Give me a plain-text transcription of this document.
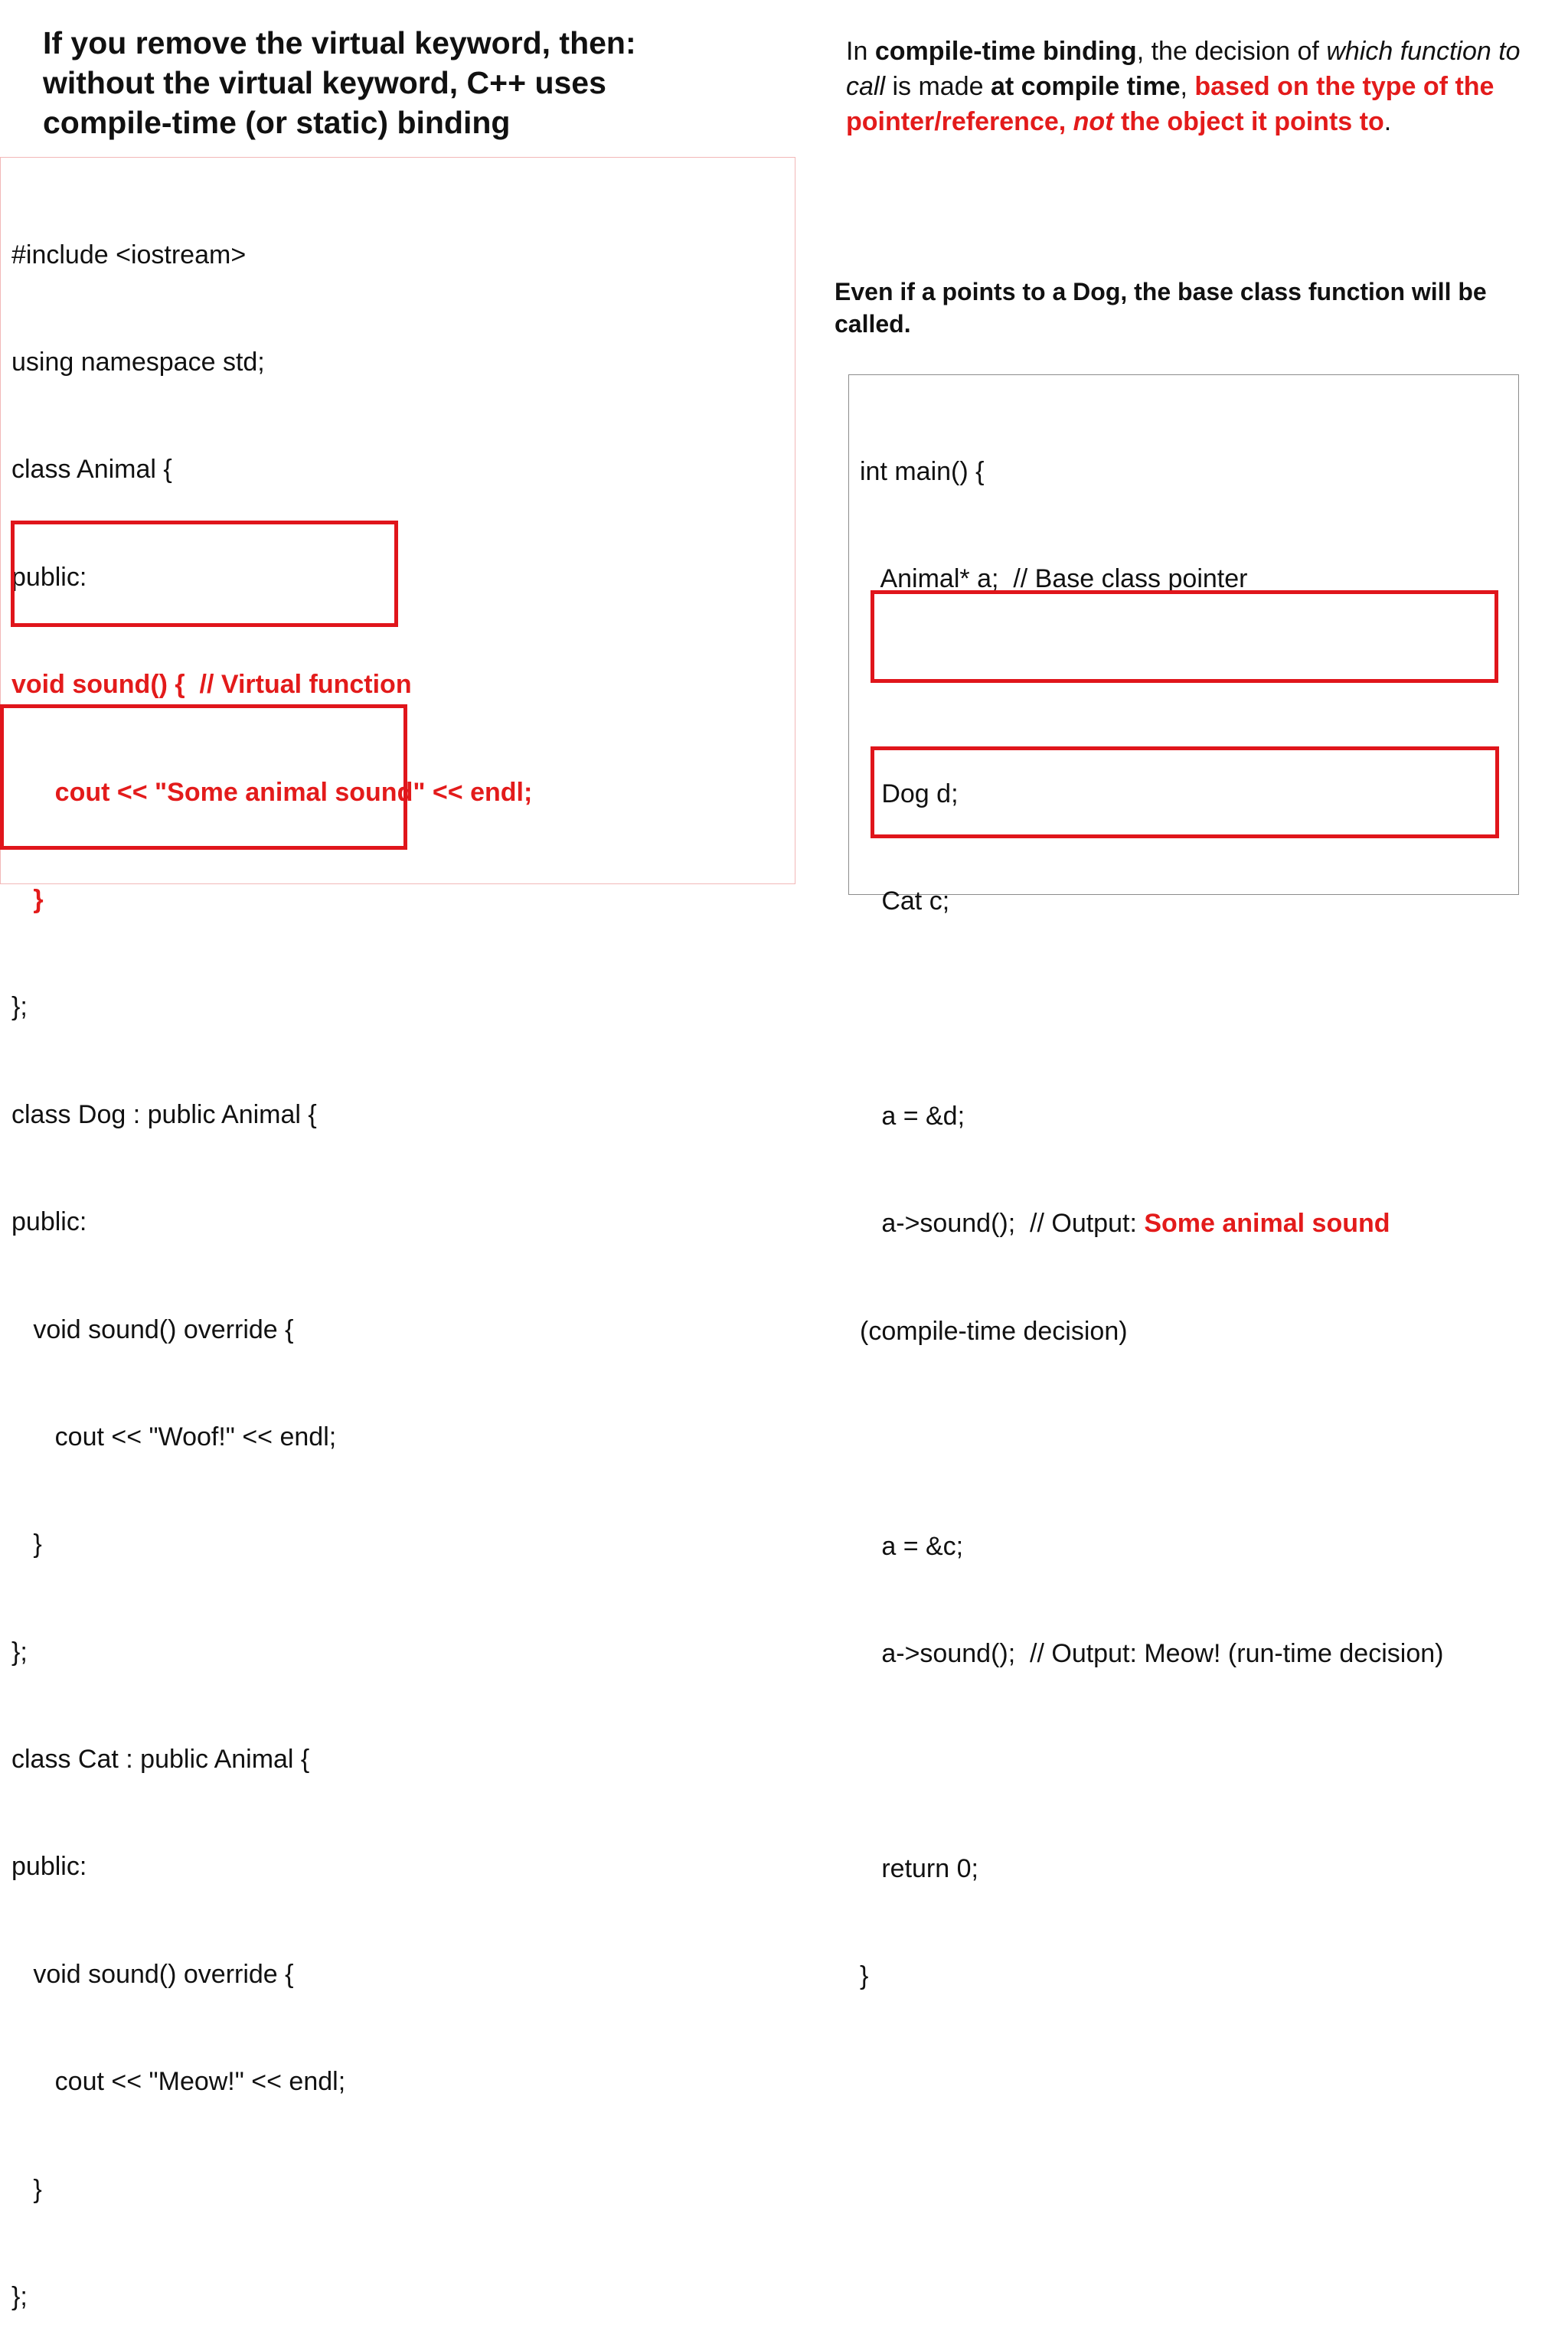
If you remove the virtual keyword, then:
without the virtual keyword, C++ uses
compile-time (or static) binding
In compile-time binding, the decision of which function to call is made at compile time, based on the type of the pointer/reference, not the object it points to.
Even if a points to a Dog, the base class function will be called.

#include <iostream>

using namespace std;

class Animal {

public:

void sound() {  // Virtual function

cout << "Some animal sound" << endl;

}

};

class Dog : public Animal {

public:

void sound() override {

cout << "Woof!" << endl;

}

};

class Cat : public Animal {

public:

void sound() override {

cout << "Meow!" << endl;

}

};

int main() {

Animal* a;  // Base class pointer

Dog d;

Cat c;

a = &d;

a->sound();  // Output: Some animal sound

(compile-time decision)

a = &c;

a->sound();  // Output: Meow! (run-time decision)

return 0;

}
